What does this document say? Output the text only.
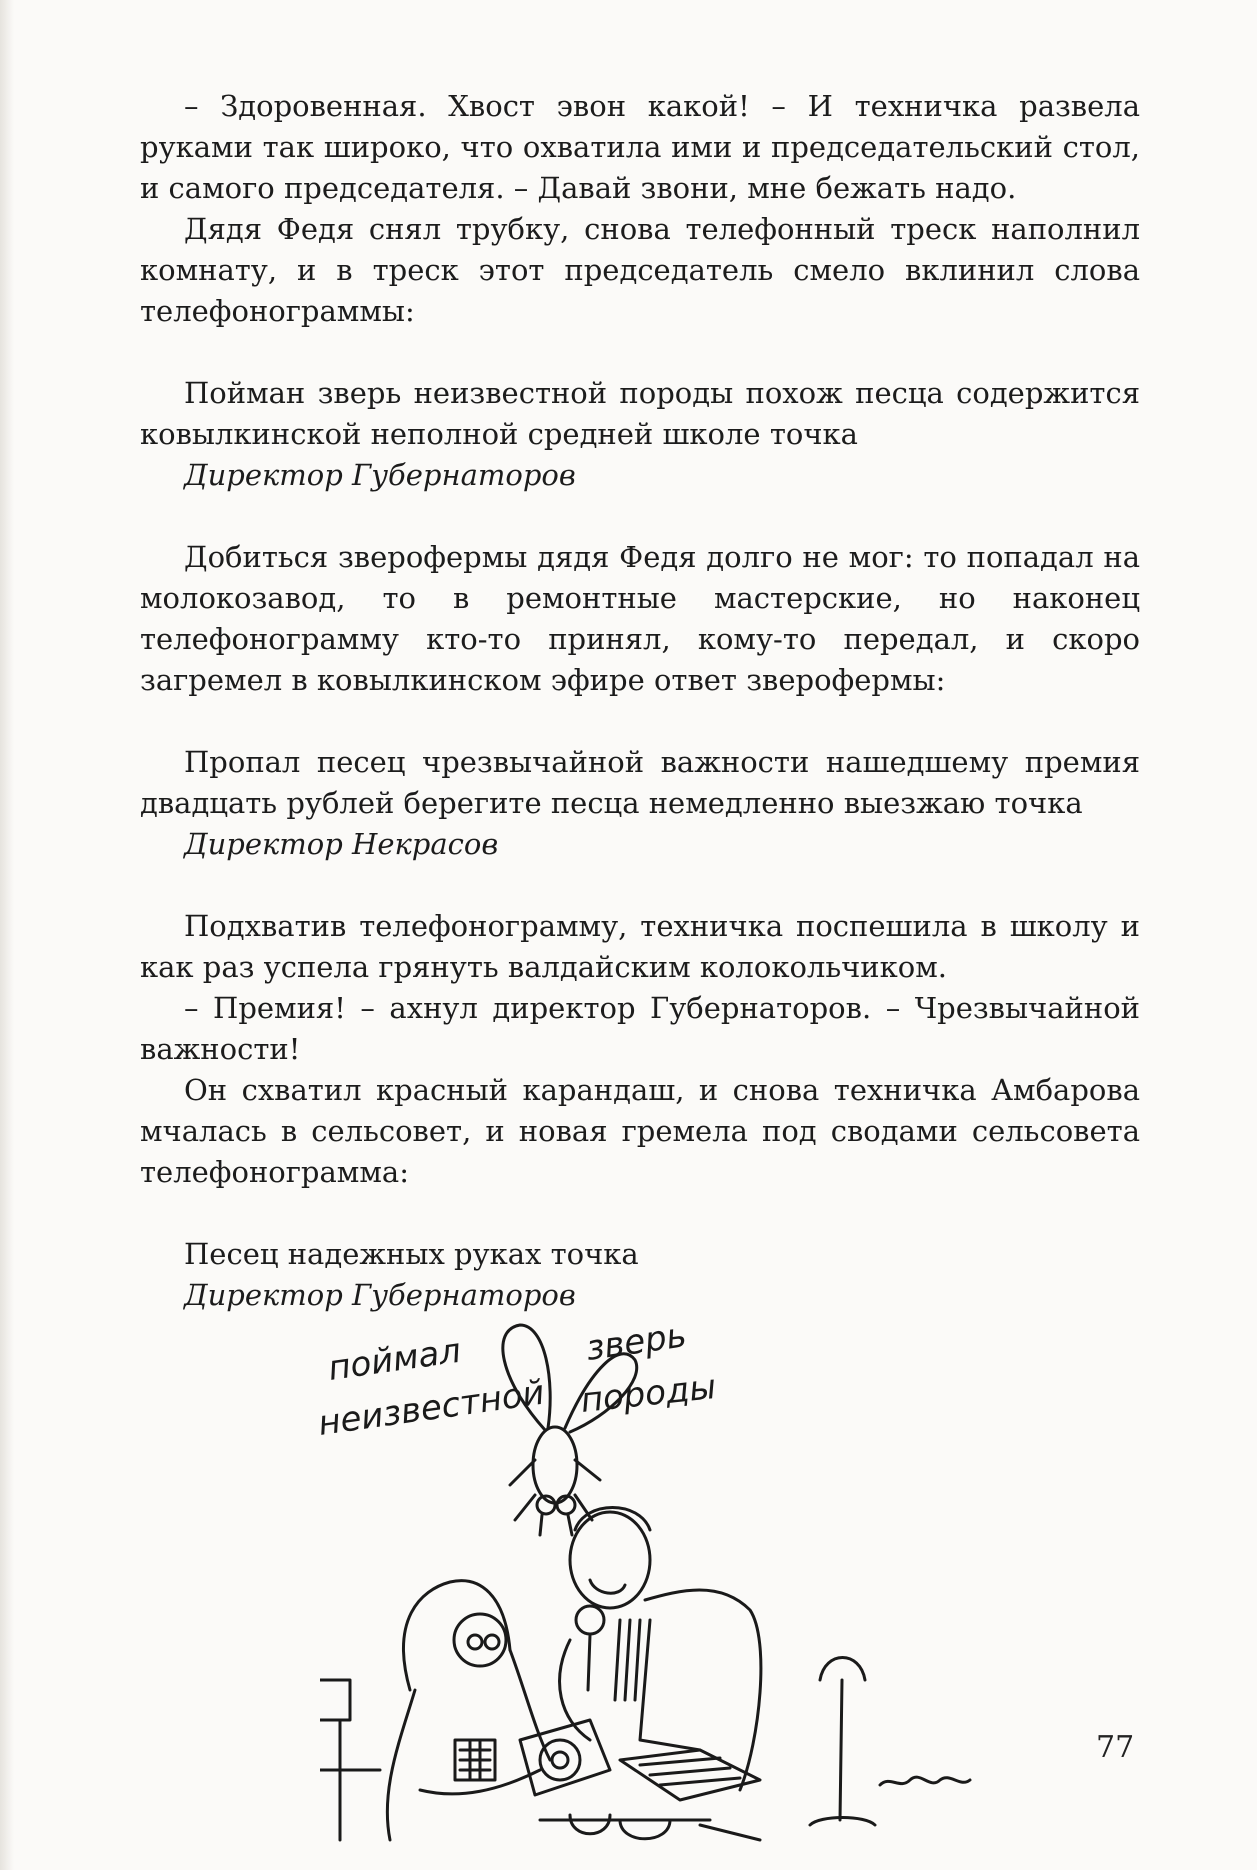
– Здоровенная. Хвост эвон какой! – И техничка развела руками так широко, что охватила ими и председательский стол, и самого председателя. – Давай звони, мне бежать надо.

Дядя Федя снял трубку, снова телефонный треск наполнил комнату, и в треск этот председатель смело вклинил слова телефонограммы:

Пойман зверь неизвестной породы похож песца содержится ковылкинской неполной средней школе точка

Директор Губернаторов

Добиться зверофермы дядя Федя долго не мог: то попадал на молокозавод, то в ремонтные мастерские, но наконец телефонограмму кто-то принял, кому-то передал, и скоро загремел в ковылкинском эфире ответ зверофермы:

Пропал песец чрезвычайной важности нашедшему премия двадцать рублей берегите песца немедленно выезжаю точка

Директор Некрасов

Подхватив телефонограмму, техничка поспешила в школу и как раз успела грянуть валдайским колокольчиком.

– Премия! – ахнул директор Губернаторов. – Чрезвычайной важности!

Он схватил красный карандаш, и снова техничка Амбарова мчалась в сельсовет, и новая гремела под сводами сельсовета телефонограмма:

Песец надежных руках точка

Директор Губернаторов
поймал
неизвестной
зверь
породы
77
